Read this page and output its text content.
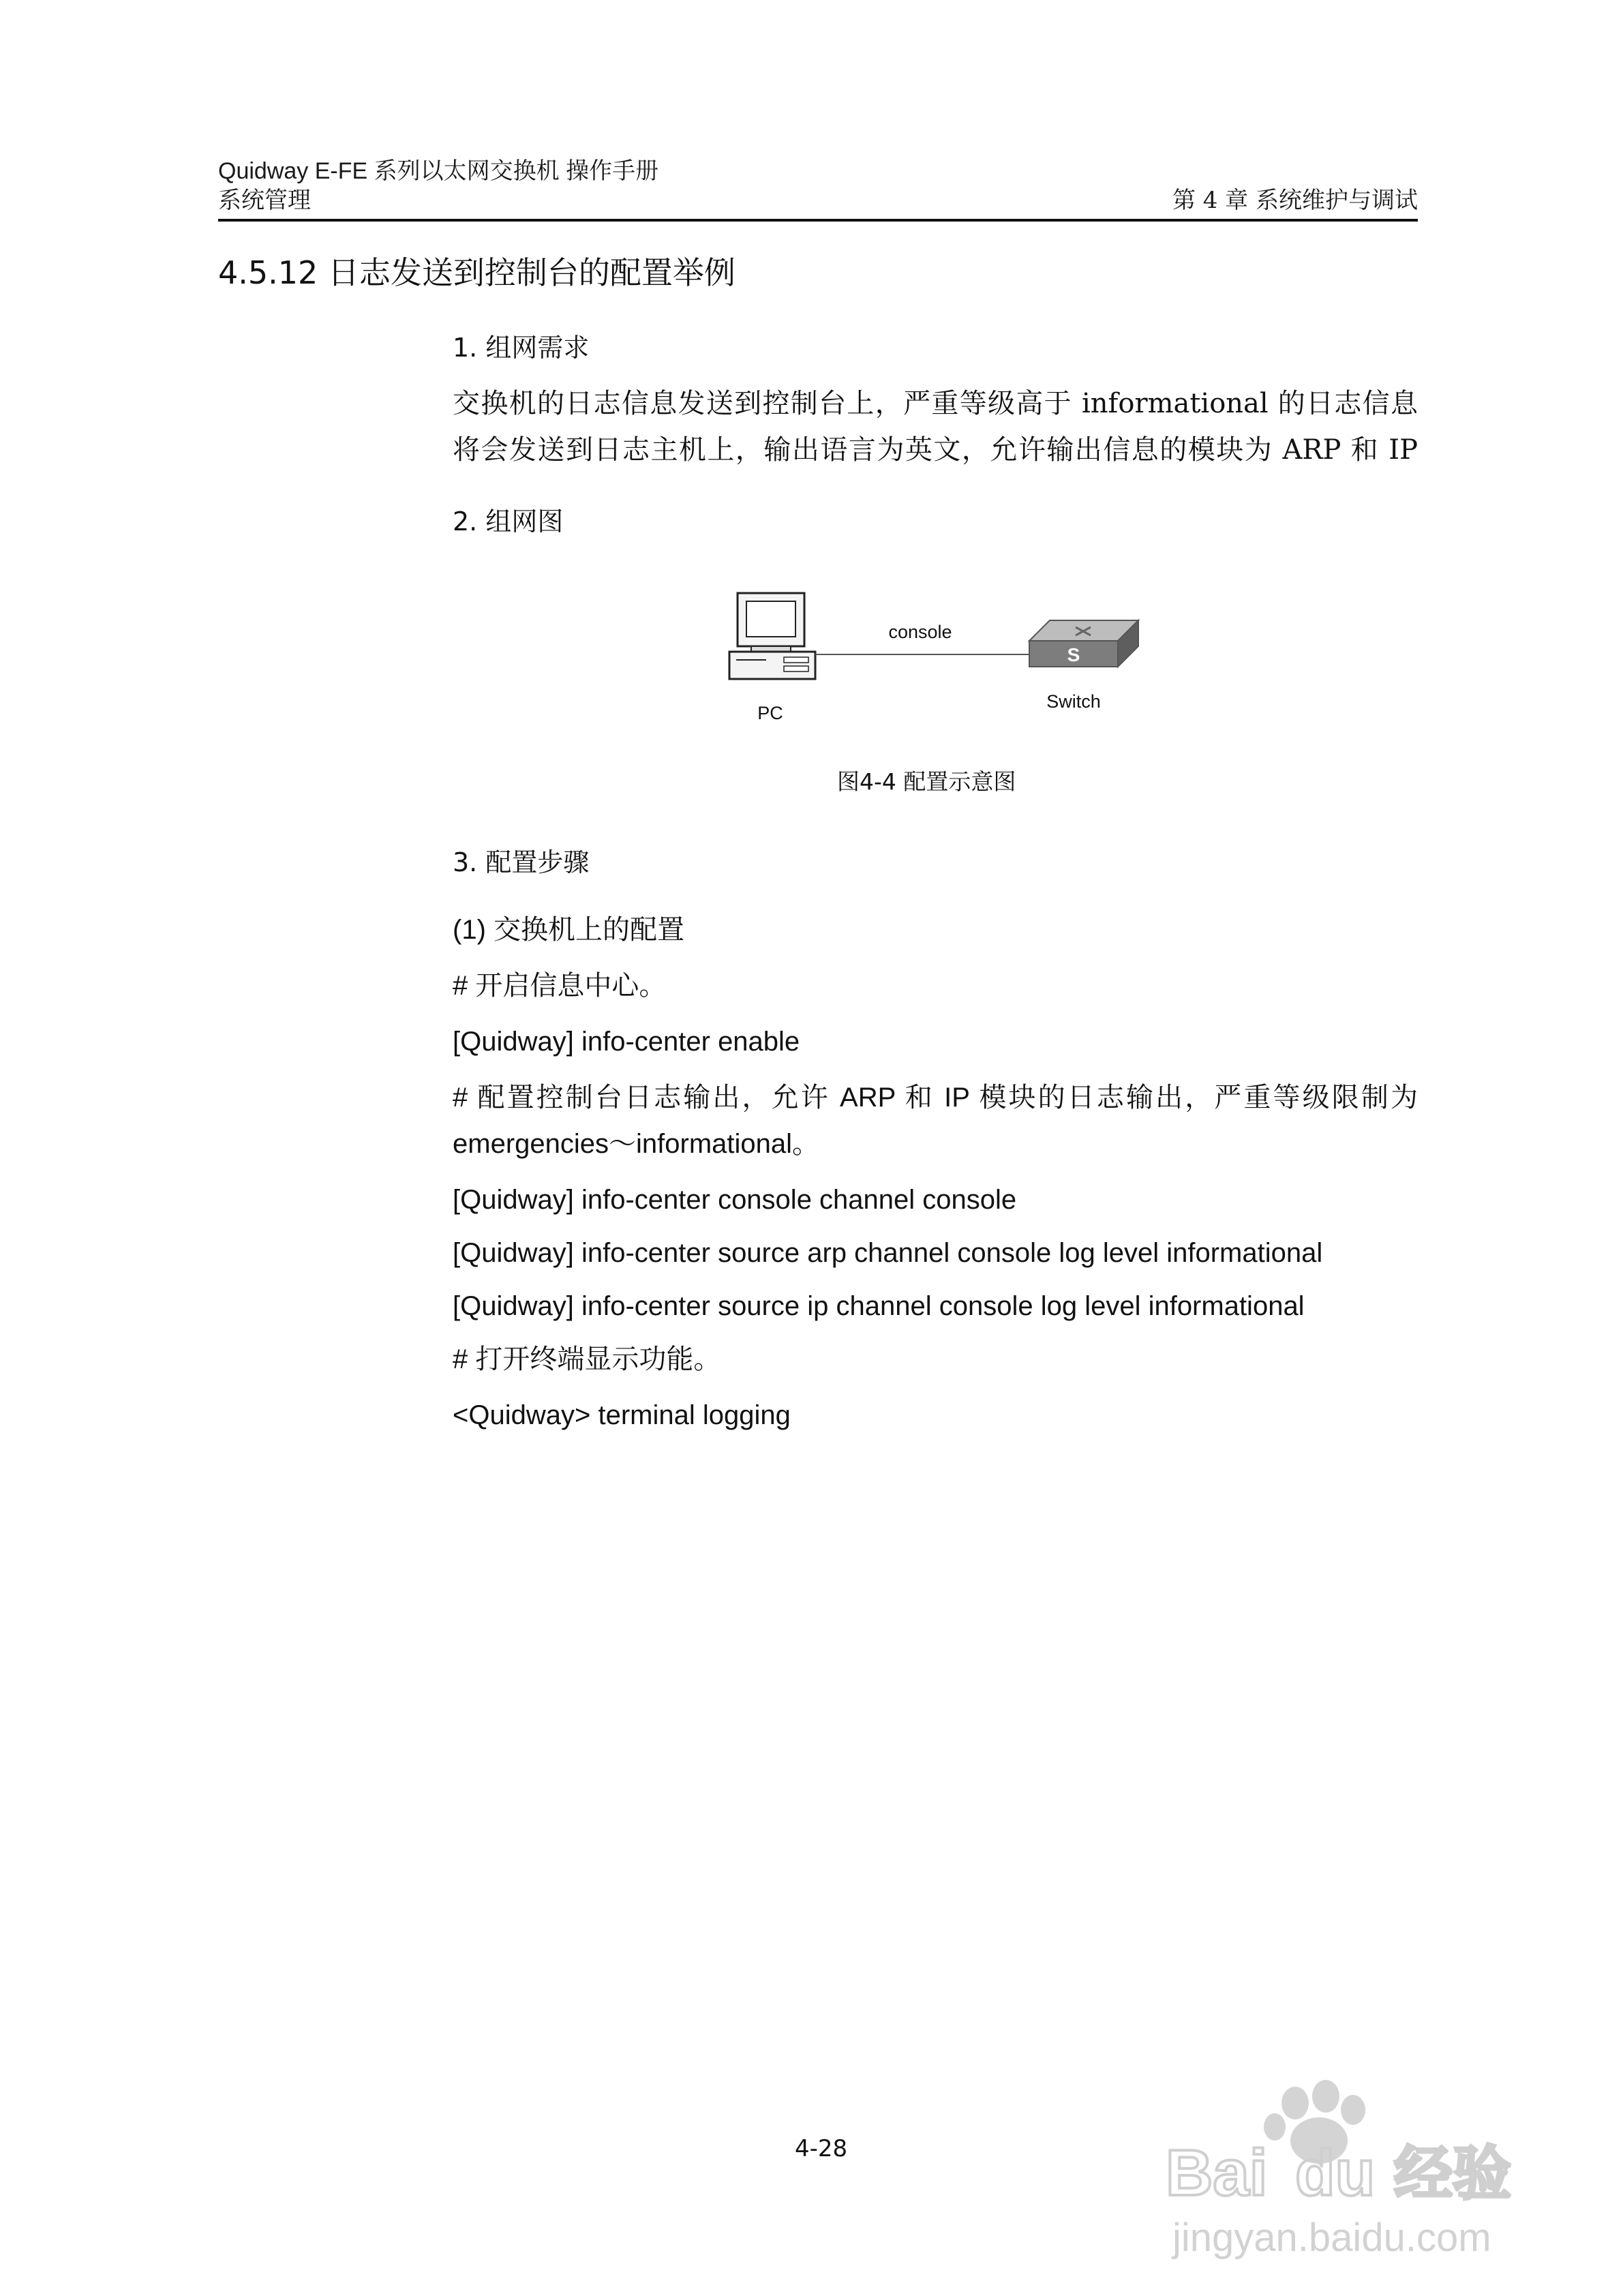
Quidway E-FE 系列以太网交换机 操作手册
系统管理	第 4 章 系统维护与调试
4.5.12 日志发送到控制台的配置举例
1. 组网需求
交换机的日志信息发送到控制台上，严重等级高于 informational 的日志信息
将会发送到日志主机上，输出语言为英文，允许输出信息的模块为 ARP 和 IP
2. 组网图
S
console
Switch
PC
图4-4 配置示意图
3. 配置步骤
(1) 交换机上的配置
# 开启信息中心。
[Quidway] info-center enable
# 配置控制台日志输出，允许 ARP 和 IP 模块的日志输出，严重等级限制为
emergencies～informational。
[Quidway] info-center console channel console
[Quidway] info-center source arp channel console log level informational
[Quidway] info-center source ip channel console log level informational
# 打开终端显示功能。
<Quidway> terminal logging
4-28	Bai du 经验
jingyan.baidu.com
